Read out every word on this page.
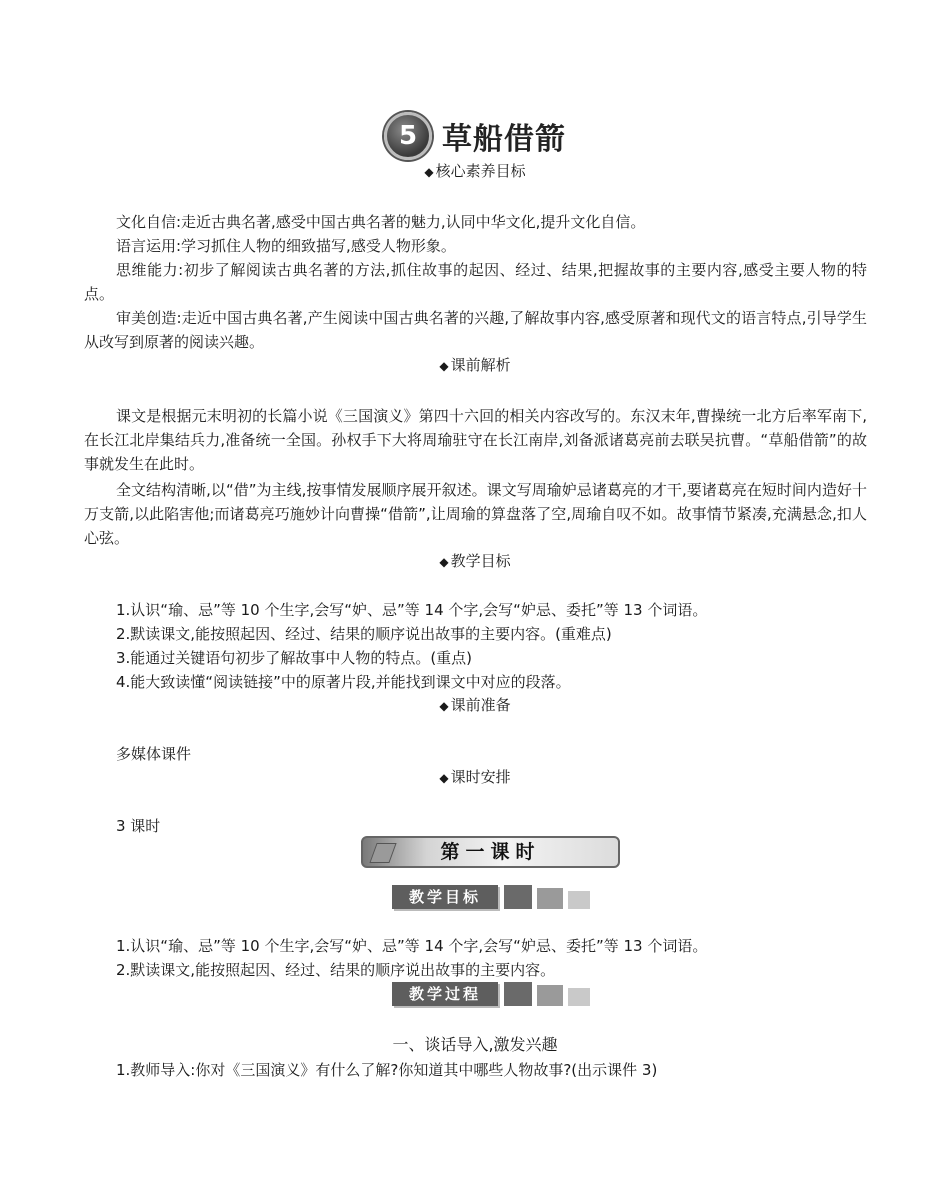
5 草船借箭
◆ 核心素养目标
文化自信:走近古典名著,感受中国古典名著的魅力,认同中华文化,提升文化自信。
语言运用:学习抓住人物的细致描写,感受人物形象。
思维能力:初步了解阅读古典名著的方法,抓住故事的起因、经过、结果,把握故事的主要内容,感受主要人物的特点。
审美创造:走近中国古典名著,产生阅读中国古典名著的兴趣,了解故事内容,感受原著和现代文的语言特点,引导学生从改写到原著的阅读兴趣。
◆ 课前解析
课文是根据元末明初的长篇小说《三国演义》第四十六回的相关内容改写的。东汉末年,曹操统一北方后率军南下,在长江北岸集结兵力,准备统一全国。孙权手下大将周瑜驻守在长江南岸,刘备派诸葛亮前去联吴抗曹。“草船借箭”的故事就发生在此时。
全文结构清晰,以“借”为主线,按事情发展顺序展开叙述。课文写周瑜妒忌诸葛亮的才干,要诸葛亮在短时间内造好十万支箭,以此陷害他;而诸葛亮巧施妙计向曹操“借箭”,让周瑜的算盘落了空,周瑜自叹不如。故事情节紧凑,充满悬念,扣人心弦。
◆ 教学目标
1.认识“瑜、忌”等 10 个生字,会写“妒、忌”等 14 个字,会写“妒忌、委托”等 13 个词语。
2.默读课文,能按照起因、经过、结果的顺序说出故事的主要内容。(重难点)
3.能通过关键语句初步了解故事中人物的特点。(重点)
4.能大致读懂“阅读链接”中的原著片段,并能找到课文中对应的段落。
◆ 课前准备
多媒体课件
◆ 课时安排
3 课时
第一课时
教学目标
1.认识“瑜、忌”等 10 个生字,会写“妒、忌”等 14 个字,会写“妒忌、委托”等 13 个词语。
2.默读课文,能按照起因、经过、结果的顺序说出故事的主要内容。
教学过程
一、谈话导入,激发兴趣
1.教师导入:你对《三国演义》有什么了解?你知道其中哪些人物故事?(出示课件 3)
